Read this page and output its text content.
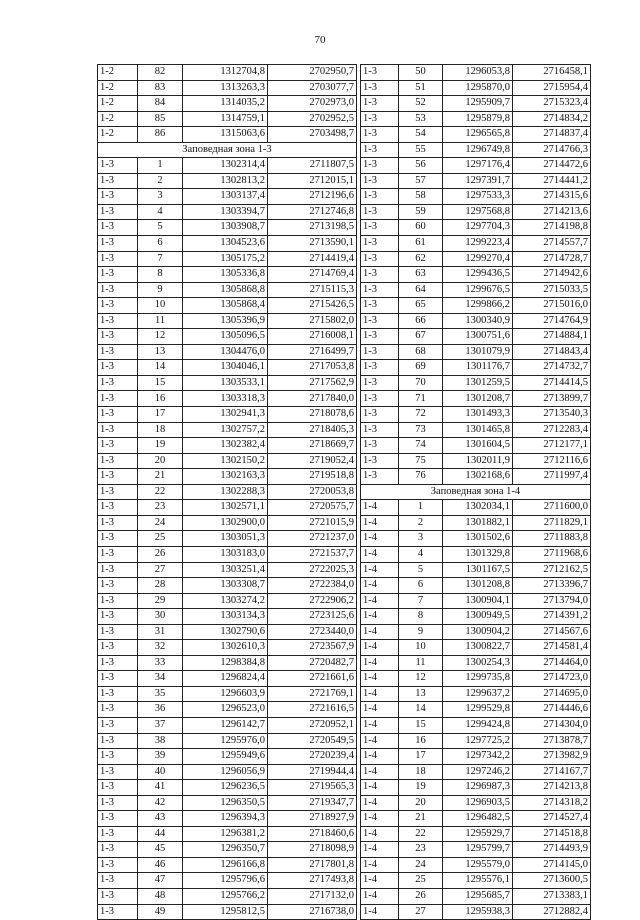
70
1-2	82	1312704,8	2702950,7
1-2	83	1313263,3	2703077,7
1-2	84	1314035,2	2702973,0
1-2	85	1314759,1	2702952,5
1-2	86	1315063,6	2703498,7
Заповедная зона 1-3			
1-3	1	1302314,4	2711807,5
1-3	2	1302813,2	2712015,1
1-3	3	1303137,4	2712196,6
1-3	4	1303394,7	2712746,8
1-3	5	1303908,7	2713198,5
1-3	6	1304523,6	2713590,1
1-3	7	1305175,2	2714419,4
1-3	8	1305336,8	2714769,4
1-3	9	1305868,8	2715115,3
1-3	10	1305868,4	2715426,5
1-3	11	1305396,9	2715802,0
1-3	12	1305096,5	2716008,1
1-3	13	1304476,0	2716499,7
1-3	14	1304046,1	2717053,8
1-3	15	1303533,1	2717562,9
1-3	16	1303318,3	2717840,0
1-3	17	1302941,3	2718078,6
1-3	18	1302757,2	2718405,3
1-3	19	1302382,4	2718669,7
1-3	20	1302150,2	2719052,4
1-3	21	1302163,3	2719518,8
1-3	22	1302288,3	2720053,8
1-3	23	1302571,1	2720575,7
1-3	24	1302900,0	2721015,9
1-3	25	1303051,3	2721237,0
1-3	26	1303183,0	2721537,7
1-3	27	1303251,4	2722025,3
1-3	28	1303308,7	2722384,0
1-3	29	1303274,2	2722906,2
1-3	30	1303134,3	2723125,6
1-3	31	1302790,6	2723440,0
1-3	32	1302610,3	2723567,9
1-3	33	1298384,8	2720482,7
1-3	34	1296824,4	2721661,6
1-3	35	1296603,9	2721769,1
1-3	36	1296523,0	2721616,5
1-3	37	1296142,7	2720952,1
1-3	38	1295976,0	2720549,5
1-3	39	1295949,6	2720239,4
1-3	40	1296056,9	2719944,4
1-3	41	1296236,5	2719565,3
1-3	42	1296350,5	2719347,7
1-3	43	1296394,3	2718927,9
1-3	44	1296381,2	2718460,6
1-3	45	1296350,7	2718098,9
1-3	46	1296166,8	2717801,8
1-3	47	1295796,6	2717493,8
1-3	48	1295766,2	2717132,0
1-3	49	1295812,5	2716738,0
1-3	50	1296053,8	2716458,1
1-3	51	1295870,0	2715954,4
1-3	52	1295909,7	2715323,4
1-3	53	1295879,8	2714834,2
1-3	54	1296565,8	2714837,4
1-3	55	1296749,8	2714766,3
1-3	56	1297176,4	2714472,6
1-3	57	1297391,7	2714441,2
1-3	58	1297533,3	2714315,6
1-3	59	1297568,8	2714213,6
1-3	60	1297704,3	2714198,8
1-3	61	1299223,4	2714557,7
1-3	62	1299270,4	2714728,7
1-3	63	1299436,5	2714942,6
1-3	64	1299676,5	2715033,5
1-3	65	1299866,2	2715016,0
1-3	66	1300340,9	2714764,9
1-3	67	1300751,6	2714884,1
1-3	68	1301079,9	2714843,4
1-3	69	1301176,7	2714732,7
1-3	70	1301259,5	2714414,5
1-3	71	1301208,7	2713899,7
1-3	72	1301493,3	2713540,3
1-3	73	1301465,8	2712283,4
1-3	74	1301604,5	2712177,1
1-3	75	1302011,9	2712116,6
1-3	76	1302168,6	2711997,4
Заповедная зона 1-4			
1-4	1	1302034,1	2711600,0
1-4	2	1301882,1	2711829,1
1-4	3	1301502,6	2711883,8
1-4	4	1301329,8	2711968,6
1-4	5	1301167,5	2712162,5
1-4	6	1301208,8	2713396,7
1-4	7	1300904,1	2713794,0
1-4	8	1300949,5	2714391,2
1-4	9	1300904,2	2714567,6
1-4	10	1300822,7	2714581,4
1-4	11	1300254,3	2714464,0
1-4	12	1299735,8	2714723,0
1-4	13	1299637,2	2714695,0
1-4	14	1299529,8	2714446,6
1-4	15	1299424,8	2714304,0
1-4	16	1297725,2	2713878,7
1-4	17	1297342,2	2713982,9
1-4	18	1297246,2	2714167,7
1-4	19	1296987,3	2714213,8
1-4	20	1296903,5	2714318,2
1-4	21	1296482,5	2714527,4
1-4	22	1295929,7	2714518,8
1-4	23	1295799,7	2714493,9
1-4	24	1295579,0	2714145,0
1-4	25	1295576,1	2713600,5
1-4	26	1295685,7	2713383,1
1-4	27	1295938,3	2712882,4
